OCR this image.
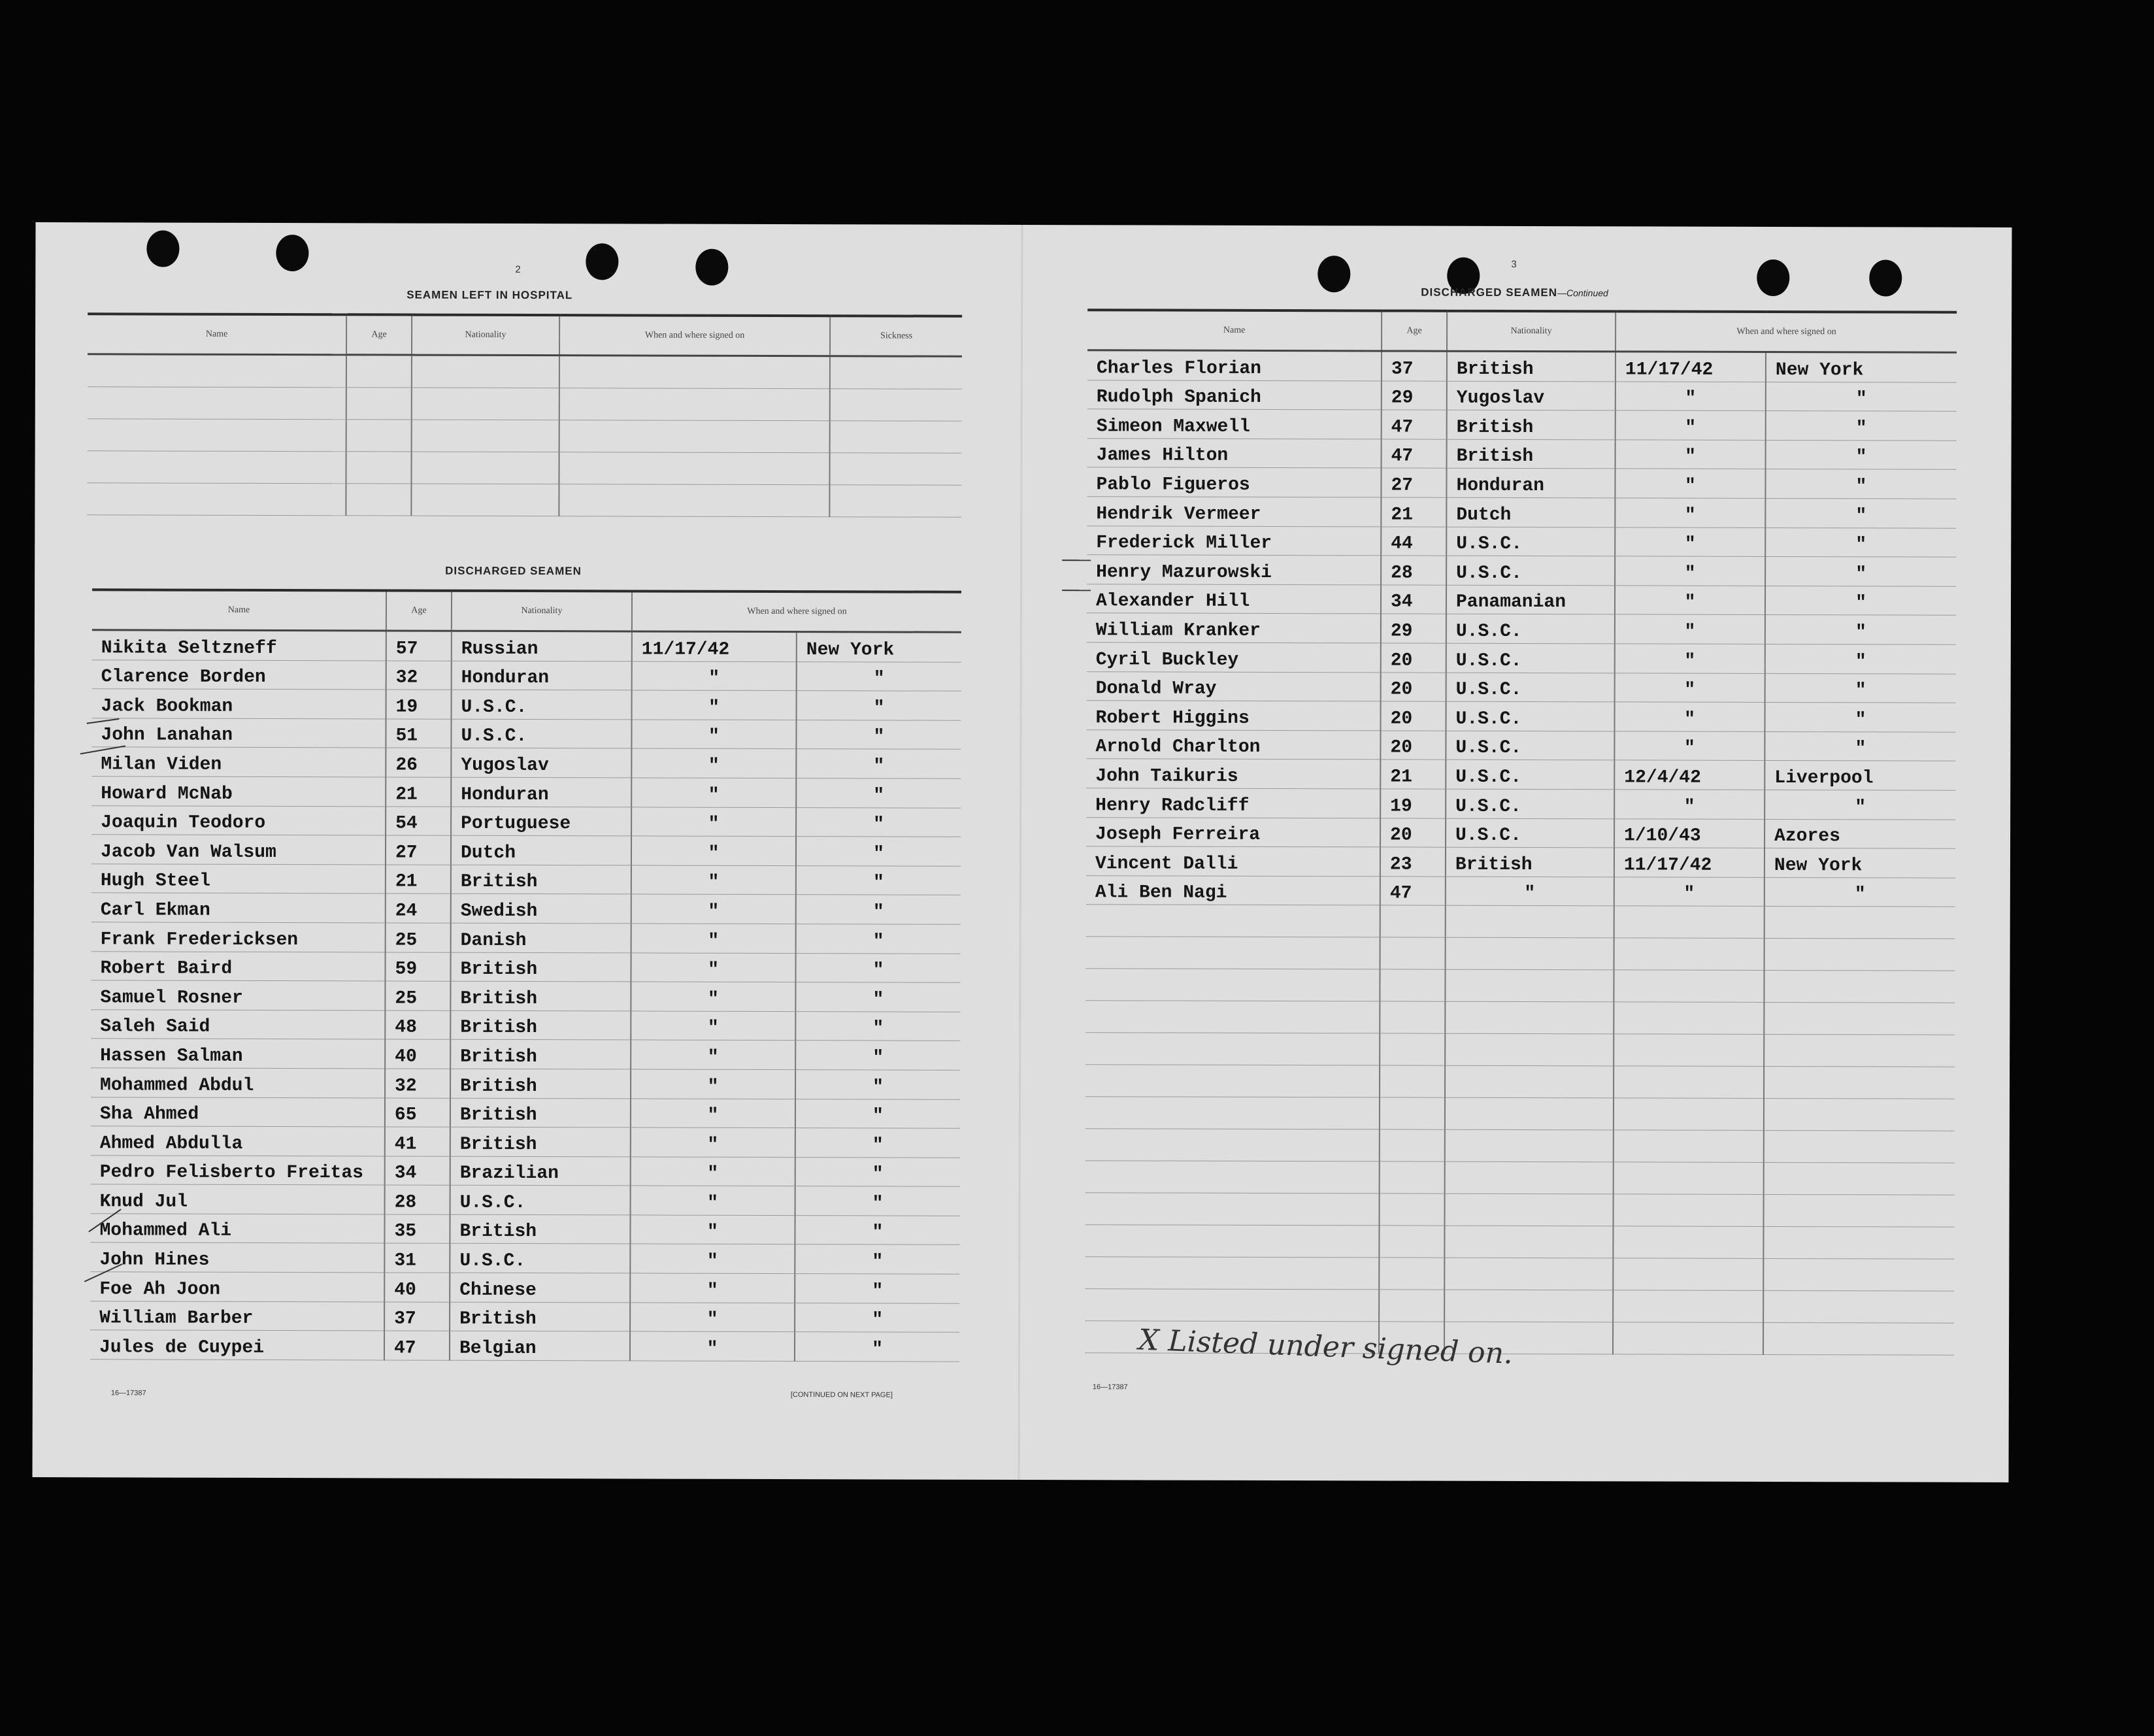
2
SEAMEN LEFT IN HOSPITAL
Name	Age	Nationality	When and where signed on	Sickness

DISCHARGED SEAMEN
Name	Age	Nationality	When and where signed on	
Nikita Seltzneff	57	Russian	11/17/42	New York
Clarence Borden	32	Honduran	"	"
Jack Bookman	19	U.S.C.	"	"
John Lanahan	51	U.S.C.	"	"
Milan Viden	26	Yugoslav	"	"
Howard McNab	21	Honduran	"	"
Joaquin Teodoro	54	Portuguese	"	"
Jacob Van Walsum	27	Dutch	"	"
Hugh Steel	21	British	"	"
Carl Ekman	24	Swedish	"	"
Frank Fredericksen	25	Danish	"	"
Robert Baird	59	British	"	"
Samuel Rosner	25	British	"	"
Saleh Said	48	British	"	"
Hassen Salman	40	British	"	"
Mohammed Abdul	32	British	"	"
Sha Ahmed	65	British	"	"
Ahmed Abdulla	41	British	"	"
Pedro Felisberto Freitas	34	Brazilian	"	"
Knud Jul	28	U.S.C.	"	"
Mohammed Ali	35	British	"	"
John Hines	31	U.S.C.	"	"
Foe Ah Joon	40	Chinese	"	"
William Barber	37	British	"	"
Jules de Cuypei	47	Belgian	"	"
16—17387	[CONTINUED ON NEXT PAGE]
3
DISCHARGED SEAMEN—Continued
Name	Age	Nationality	When and where signed on	
Charles Florian	37	British	11/17/42	New York
Rudolph Spanich	29	Yugoslav	"	"
Simeon Maxwell	47	British	"	"
James Hilton	47	British	"	"
Pablo Figueros	27	Honduran	"	"
Hendrik Vermeer	21	Dutch	"	"
Frederick Miller	44	U.S.C.	"	"
Henry Mazurowski	28	U.S.C.	"	"
Alexander Hill	34	Panamanian	"	"
William Kranker	29	U.S.C.	"	"
Cyril Buckley	20	U.S.C.	"	"
Donald Wray	20	U.S.C.	"	"
Robert Higgins	20	U.S.C.	"	"
Arnold Charlton	20	U.S.C.	"	"
John Taikuris	21	U.S.C.	12/4/42	Liverpool
Henry Radcliff	19	U.S.C.	"	"
Joseph Ferreira	20	U.S.C.	1/10/43	Azores
Vincent Dalli	23	British	11/17/42	New York
Ali Ben Nagi	47	"	"	"

X Listed under signed on.
16—17387
